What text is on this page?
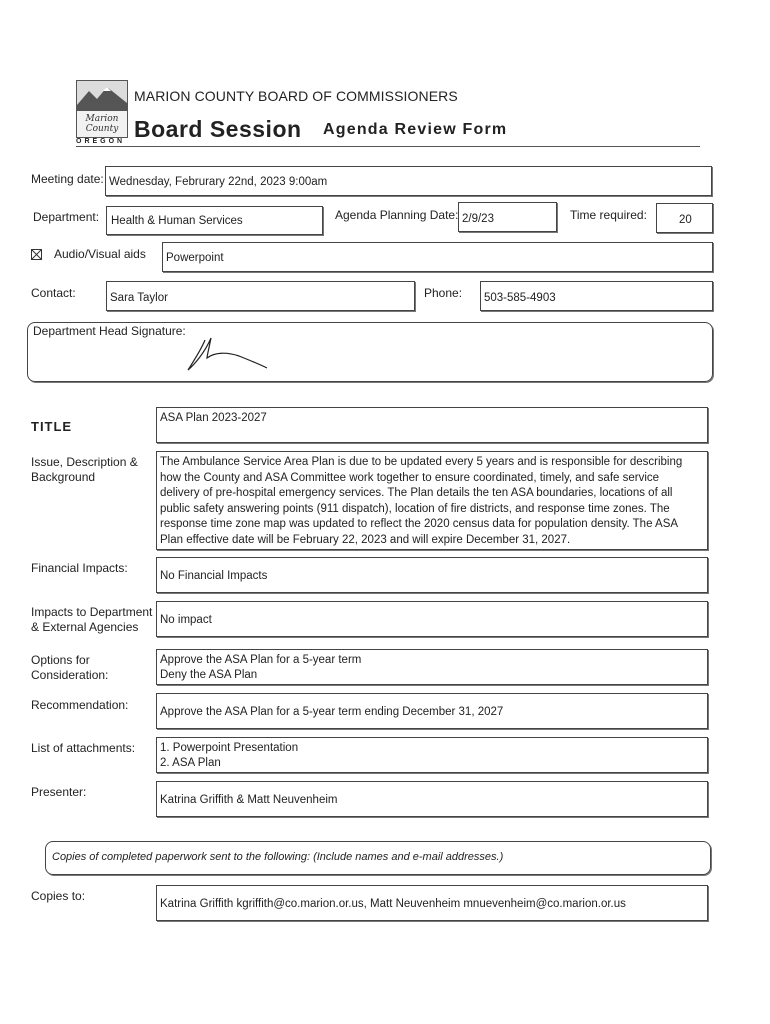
Marion
County
OREGON
MARION COUNTY BOARD OF COMMISSIONERS
Board Session Agenda Review Form
Meeting date: Wednesday, Februrary 22nd, 2023 9:00am
Department: Health & Human Services	Agenda Planning Date: 2/9/23	Time required:	20
Audio/Visual aids Powerpoint
Contact:	Sara Taylor	Phone: 503-585-4903
Department Head Signature:
TITLE
ASA Plan 2023-2027
Issue, Description & Background
The Ambulance Service Area Plan is due to be updated every 5 years and is responsible for describing how the County and ASA Committee work together to ensure coordinated, timely, and safe service delivery of pre-hospital emergency services. The Plan details the ten ASA boundaries, locations of all public safety answering points (911 dispatch), location of fire districts, and response time zones. The response time zone map was updated to reflect the 2020 census data for population density. The ASA Plan effective date will be February 22, 2023 and will expire December 31, 2027.
Financial Impacts:
No Financial Impacts
Impacts to Department & External Agencies	No impact
Options for Consideration:
Approve the ASA Plan for a 5-year term
Deny the ASA Plan
Recommendation:	Approve the ASA Plan for a 5-year term ending December 31, 2027
List of attachments: 1. Powerpoint Presentation
2. ASA Plan
Presenter:
Katrina Griffith & Matt Neuvenheim
Copies of completed paperwork sent to the following: (Include names and e-mail addresses.)
Copies to:
Katrina Griffith kgriffith@co.marion.or.us, Matt Neuvenheim mnuevenheim@co.marion.or.us
